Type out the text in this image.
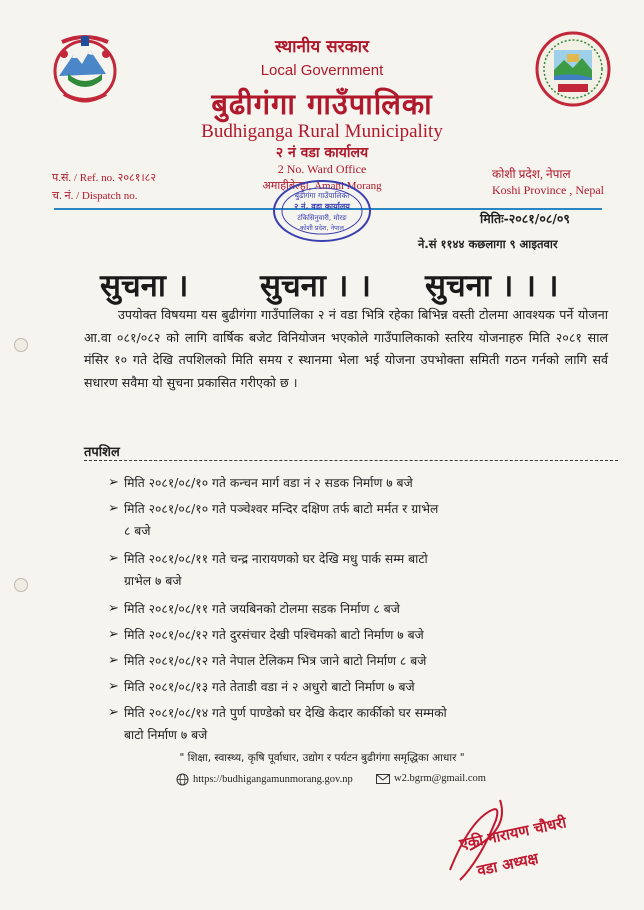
स्थानीय सरकार
Local Government
बुढीगंगा गाउँपालिका
Budhiganga Rural Municipality
२ नं वडा कार्यालय
2 No. Ward Office
अमाहीबेल्हा, Amahi Morang
प.सं. / Ref. no. २०८१।८२
च. नं. / Dispatch no.
कोशी प्रदेश, नेपाल
Koshi Province , Nepal
बुढीगंगा गाउँपालिका
२ नं. वडा कार्यालय
टंकिसिनुवारी, मोरङ
कोशी प्रदेश, नेपाल
मितिः-२०८१/०८/०९
ने.सं ११४४ कछलागा ९ आइतवार
सुचना । सुचना । । सुचना । । ।

उपयोक्त विषयमा यस बुढीगंगा गाउँपालिका २ नं वडा भित्रि रहेका बिभिन्न वस्ती टोलमा आवश्यक पर्ने योजना आ.वा ०८१/०८२ को लागि वार्षिक बजेट विनियोजन भएकोले गाउँपालिकाको स्तरिय योजनाहरु मिति २०८१ साल मंसिर १० गते देखि तपशिलको मिति समय र स्थानमा भेला भई योजना उपभोक्ता समिती गठन गर्नको लागि सर्व सधारण सवैमा यो सुचना प्रकासित गरीएको छ ।

तपशिल
➢ मिति २०८१/०८/१० गते कन्चन मार्ग वडा नं २ सडक निर्माण ७ बजे
➢ मिति २०८१/०८/१० गते पञ्चेश्वर मन्दिर दक्षिण तर्फ बाटो मर्मत र ग्राभेल
८ बजे
➢ मिति २०८१/०८/११ गते चन्द्र नारायणको घर देखि मधु पार्क सम्म बाटो
ग्राभेल ७ बजे
➢ मिति २०८१/०८/११ गते जयबिनको टोलमा सडक निर्माण ८ बजे
➢ मिति २०८१/०८/१२ गते दुरसंचार देखी पश्चिमको बाटो निर्माण ७ बजे
➢ मिति २०८१/०८/१२ गते नेपाल टेलिकम भित्र जाने बाटो निर्माण ८ बजे
➢ मिति २०८१/०८/१३ गते तेताडी वडा नं २ अधुरो बाटो निर्माण ७ बजे
➢ मिति २०८१/०८/१४ गते पुर्ण पाण्डेको घर देखि केदार कार्कीको घर सम्मको
बाटो निर्माण ७ बजे
" शिक्षा, स्वास्थ्य, कृषि पूर्वाधार, उद्योग र पर्यटन बुढीगंगा समृद्धिका आधार "
https://budhigangamunmorang.gov.np	w2.bgrm@gmail.com
एकी नारायण चौधरी
वडा अध्यक्ष
